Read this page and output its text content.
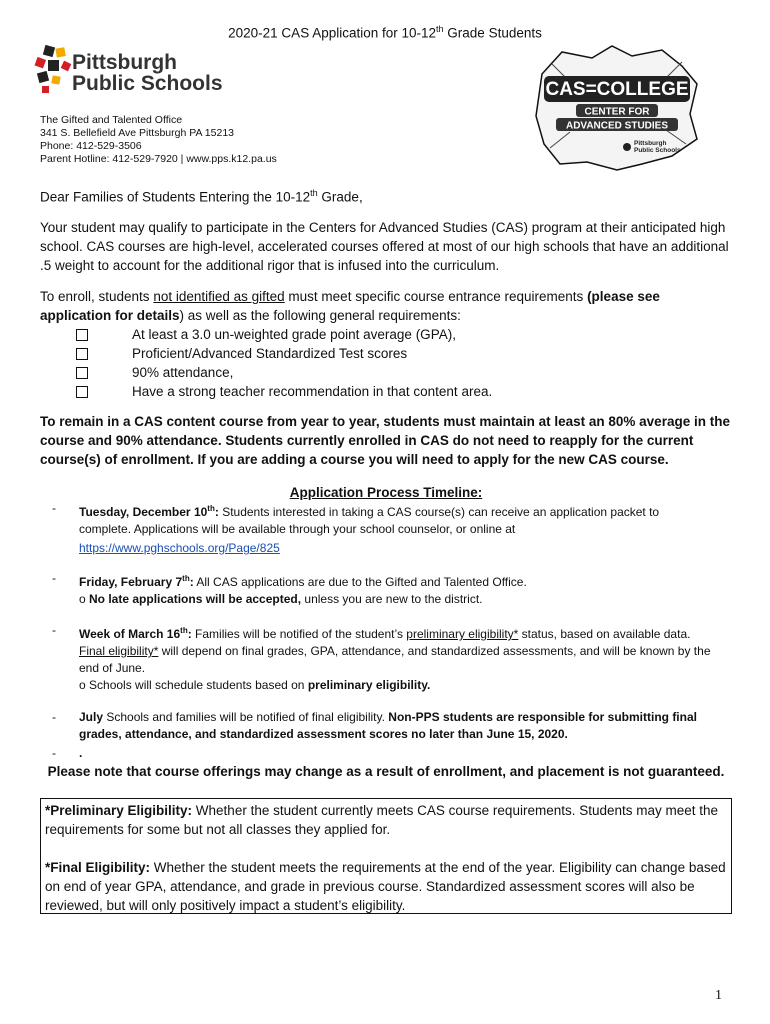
2020-21 CAS Application for 10-12th Grade Students
Pittsburgh
Public Schools
The Gifted and Talented Office
341 S. Bellefield Ave Pittsburgh PA 15213
Phone: 412-529-3506
Parent Hotline: 412-529-7920 | www.pps.k12.pa.us
CAS=COLLEGE
CENTER FOR
ADVANCED STUDIES
Pittsburgh
Public Schools
Dear Families of Students Entering the 10-12th Grade,
Your student may qualify to participate in the Centers for Advanced Studies (CAS) program at their anticipated high school. CAS courses are high-level, accelerated courses offered at most of our high schools that have an additional .5 weight to account for the additional rigor that is infused into the curriculum.
To enroll, students not identified as gifted must meet specific course entrance requirements (please see application for details) as well as the following general requirements:
At least a 3.0 un-weighted grade point average (GPA),
Proficient/Advanced Standardized Test scores
90% attendance,
Have a strong teacher recommendation in that content area.
To remain in a CAS content course from year to year, students must maintain at least an 80% average in the course and 90% attendance. Students currently enrolled in CAS do not need to reapply for the current course(s) of enrollment. If you are adding a course you will need to apply for the new CAS course.
Application Process Timeline:
- Tuesday, December 10th: Students interested in taking a CAS course(s) can receive an application packet to complete. Applications will be available through your school counselor, or online at
https://www.pghschools.org/Page/825
- Friday, February 7th: All CAS applications are due to the Gifted and Talented Office.
o No late applications will be accepted, unless you are new to the district.
- Week of March 16th: Families will be notified of the student’s preliminary eligibility* status, based on available data. Final eligibility* will depend on final grades, GPA, attendance, and standardized assessments, and will be known by the end of June.
o Schools will schedule students based on preliminary eligibility.
- July Schools and families will be notified of final eligibility. Non-PPS students are responsible for submitting final grades, attendance, and standardized assessment scores no later than June 15, 2020.
- .
Please note that course offerings may change as a result of enrollment, and placement is not guaranteed.
*Preliminary Eligibility: Whether the student currently meets CAS course requirements. Students may meet the requirements for some but not all classes they applied for.
*Final Eligibility: Whether the student meets the requirements at the end of the year. Eligibility can change based on end of year GPA, attendance, and grade in previous course. Standardized assessment scores will also be reviewed, but will only positively impact a student’s eligibility.
1
